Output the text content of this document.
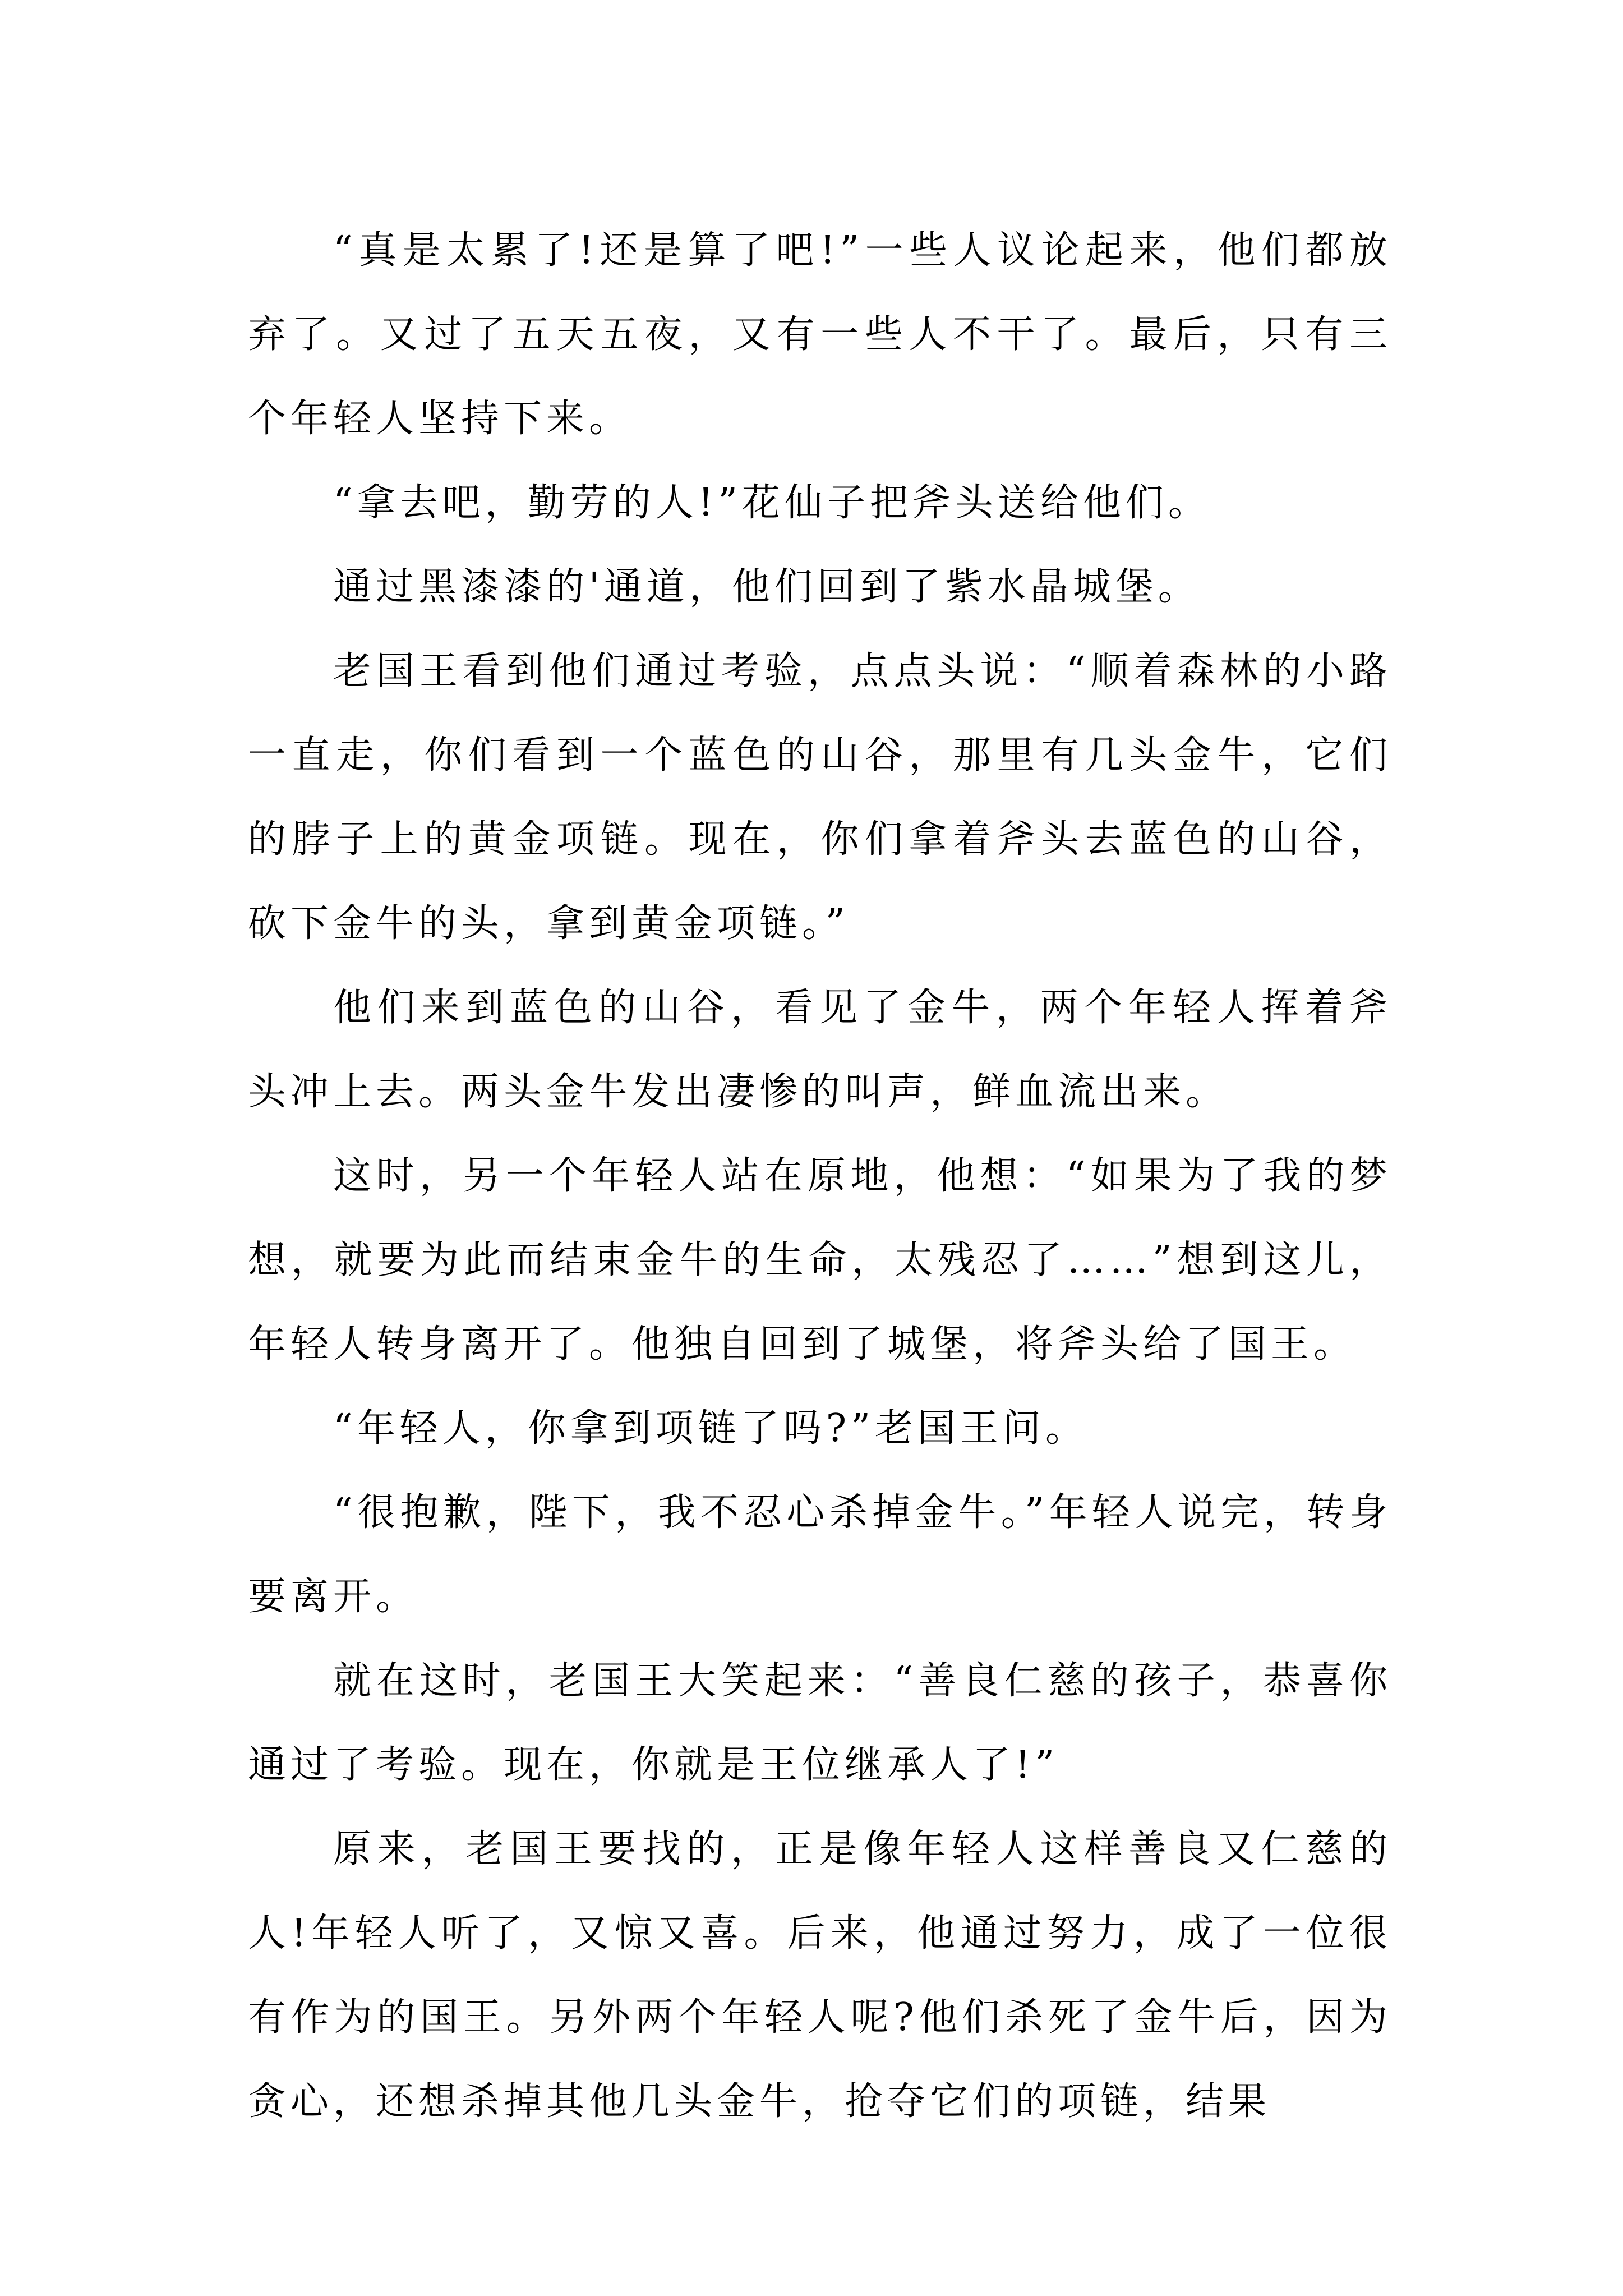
“真是太累了!还是算了吧!”一些人议论起来，他们都放弃了。又过了五天五夜，又有一些人不干了。最后，只有三个年轻人坚持下来。

“拿去吧，勤劳的人!”花仙子把斧头送给他们。

通过黑漆漆的'通道，他们回到了紫水晶城堡。

老国王看到他们通过考验，点点头说：“顺着森林的小路一直走，你们看到一个蓝色的山谷，那里有几头金牛，它们的脖子上的黄金项链。现在，你们拿着斧头去蓝色的山谷，砍下金牛的头，拿到黄金项链。”

他们来到蓝色的山谷，看见了金牛，两个年轻人挥着斧头冲上去。两头金牛发出凄惨的叫声，鲜血流出来。

这时，另一个年轻人站在原地，他想：“如果为了我的梦想，就要为此而结束金牛的生命，太残忍了……”想到这儿，年轻人转身离开了。他独自回到了城堡，将斧头给了国王。

“年轻人，你拿到项链了吗?”老国王问。

“很抱歉，陛下，我不忍心杀掉金牛。”年轻人说完，转身要离开。

就在这时，老国王大笑起来：“善良仁慈的孩子，恭喜你通过了考验。现在，你就是王位继承人了!”

原来，老国王要找的，正是像年轻人这样善良又仁慈的人!年轻人听了，又惊又喜。后来，他通过努力，成了一位很有作为的国王。另外两个年轻人呢?他们杀死了金牛后，因为贪心，还想杀掉其他几头金牛，抢夺它们的项链，结果
